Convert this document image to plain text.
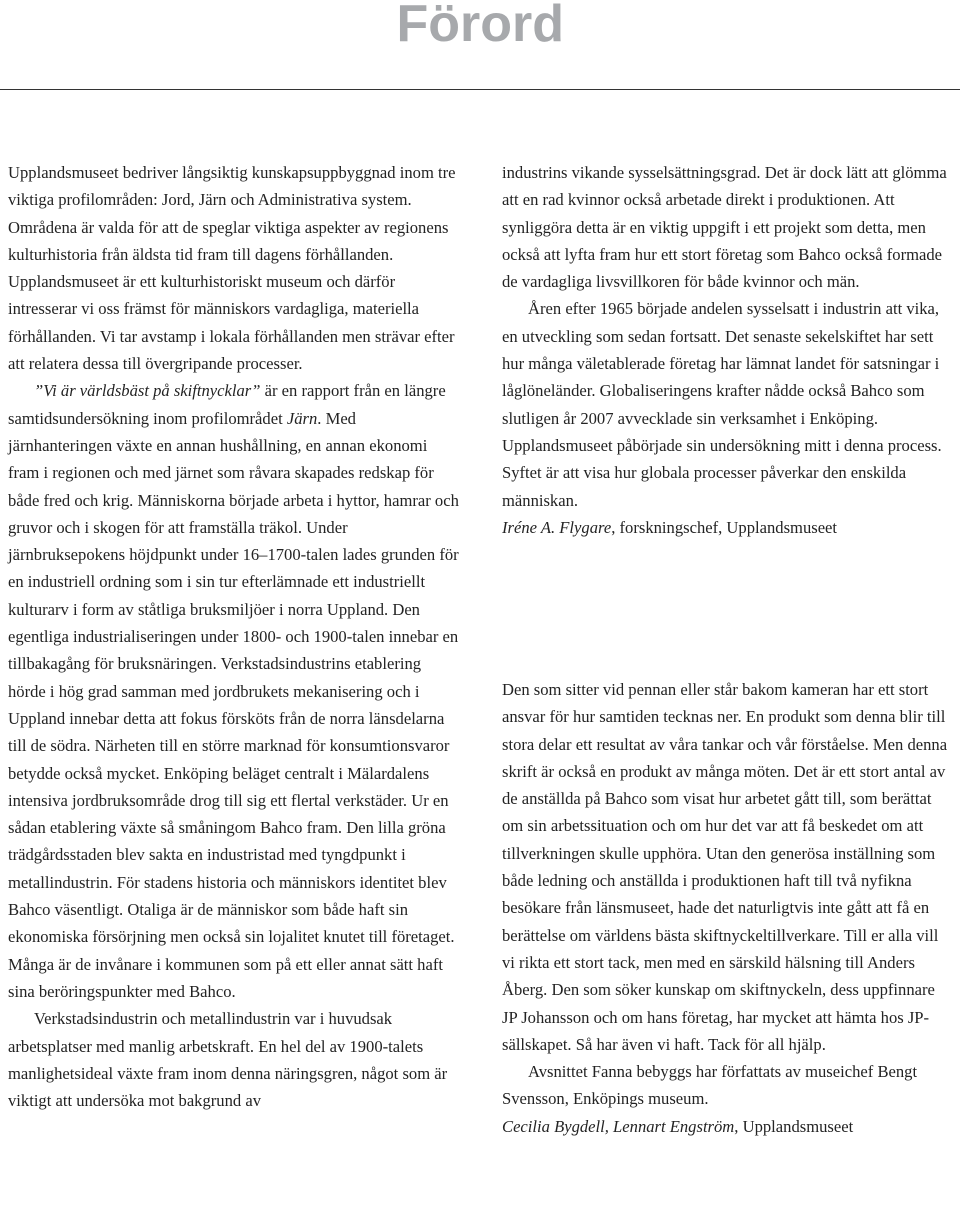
Förord

Upplandsmuseet bedriver långsiktig kunskapsuppbyggnad inom tre viktiga profilområden: Jord, Järn och Administrativa system. Områdena är valda för att de speglar viktiga aspekter av regionens kulturhistoria från äldsta tid fram till dagens förhållanden. Upplandsmuseet är ett kulturhistoriskt museum och därför intresserar vi oss främst för människors vardagliga, materiella förhållanden. Vi tar avstamp i lokala förhållanden men strävar efter att relatera dessa till övergripande processer.

”Vi är världsbäst på skiftnycklar” är en rapport från en längre samtidsundersökning inom profilområdet Järn. Med järnhanteringen växte en annan hushållning, en annan ekonomi fram i regionen och med järnet som råvara skapades redskap för både fred och krig. Människorna började arbeta i hyttor, hamrar och gruvor och i skogen för att framställa träkol. Under järnbruksepokens höjdpunkt under 16–1700-talen lades grunden för en industriell ordning som i sin tur efterlämnade ett industriellt kulturarv i form av ståtliga bruksmiljöer i norra Uppland. Den egentliga industrialiseringen under 1800- och 1900-talen innebar en tillbakagång för bruksnäringen. Verkstadsindustrins etablering hörde i hög grad samman med jordbrukets mekanisering och i Uppland innebar detta att fokus försköts från de norra länsdelarna till de södra. Närheten till en större marknad för konsumtionsvaror betydde också mycket. Enköping beläget centralt i Mälardalens intensiva jordbruksområde drog till sig ett flertal verkstäder. Ur en sådan etablering växte så småningom Bahco fram. Den lilla gröna trädgårdsstaden blev sakta en industristad med tyngdpunkt i metallindustrin. För stadens historia och människors identitet blev Bahco väsentligt. Otaliga är de människor som både haft sin ekonomiska försörjning men också sin lojalitet knutet till företaget. Många är de invånare i kommunen som på ett eller annat sätt haft sina beröringspunkter med Bahco.

Verkstadsindustrin och metallindustrin var i huvudsak arbetsplatser med manlig arbetskraft. En hel del av 1900-talets manlighetsideal växte fram inom denna näringsgren, något som är viktigt att undersöka mot bakgrund av

industrins vikande sysselsättningsgrad. Det är dock lätt att glömma att en rad kvinnor också arbetade direkt i produktionen. Att synliggöra detta är en viktig uppgift i ett projekt som detta, men också att lyfta fram hur ett stort företag som Bahco också formade de vardagliga livsvillkoren för både kvinnor och män.

Åren efter 1965 började andelen sysselsatt i industrin att vika, en utveckling som sedan fortsatt. Det senaste sekelskiftet har sett hur många väletablerade företag har lämnat landet för satsningar i låglöneländer. Globaliseringens krafter nådde också Bahco som slutligen år 2007 avvecklade sin verksamhet i Enköping. Upplandsmuseet påbörjade sin undersökning mitt i denna process. Syftet är att visa hur globala processer påverkar den enskilda människan.

Iréne A. Flygare, forskningschef, Upplandsmuseet

Den som sitter vid pennan eller står bakom kameran har ett stort ansvar för hur samtiden tecknas ner. En produkt som denna blir till stora delar ett resultat av våra tankar och vår förståelse. Men denna skrift är också en produkt av många möten. Det är ett stort antal av de anställda på Bahco som visat hur arbetet gått till, som berättat om sin arbetssituation och om hur det var att få beskedet om att tillverkningen skulle upphöra. Utan den generösa inställning som både ledning och anställda i produktionen haft till två nyfikna besökare från länsmuseet, hade det naturligtvis inte gått att få en berättelse om världens bästa skiftnyckeltillverkare. Till er alla vill vi rikta ett stort tack, men med en särskild hälsning till Anders Åberg. Den som söker kunskap om skiftnyckeln, dess uppfinnare JP Johansson och om hans företag, har mycket att hämta hos JP-sällskapet. Så har även vi haft. Tack för all hjälp.

Avsnittet Fanna bebyggs har författats av museichef Bengt Svensson, Enköpings museum.

Cecilia Bygdell, Lennart Engström, Upplandsmuseet
